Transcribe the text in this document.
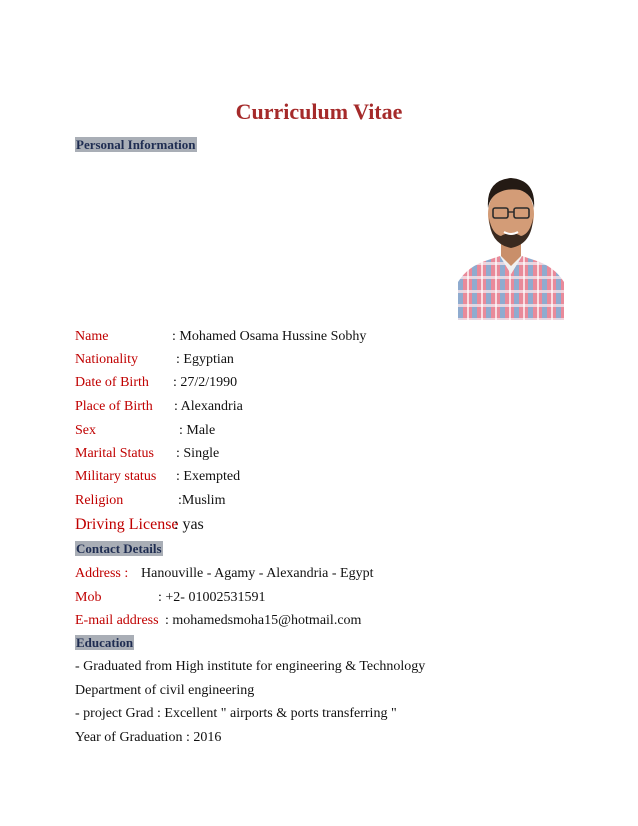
Curriculum Vitae
Personal Information
Name	: Mohamed Osama Hussine Sobhy
Nationality	: Egyptian
Date of Birth : 27/2/1990
Place of Birth : Alexandria
Sex	: Male
Marital Status : Single
Military status : Exempted
Religion	:Muslim
Driving License
: yas
Contact Details
Address : Hanouville - Agamy - Alexandria - Egypt
Mob	: +2- 01002531591
E-mail address : mohamedsmoha15@hotmail.com
Education
- Graduated from High institute for engineering & Technology
Department of civil engineering
- project Grad : Excellent " airports & ports transferring "
Year of Graduation : 2016
